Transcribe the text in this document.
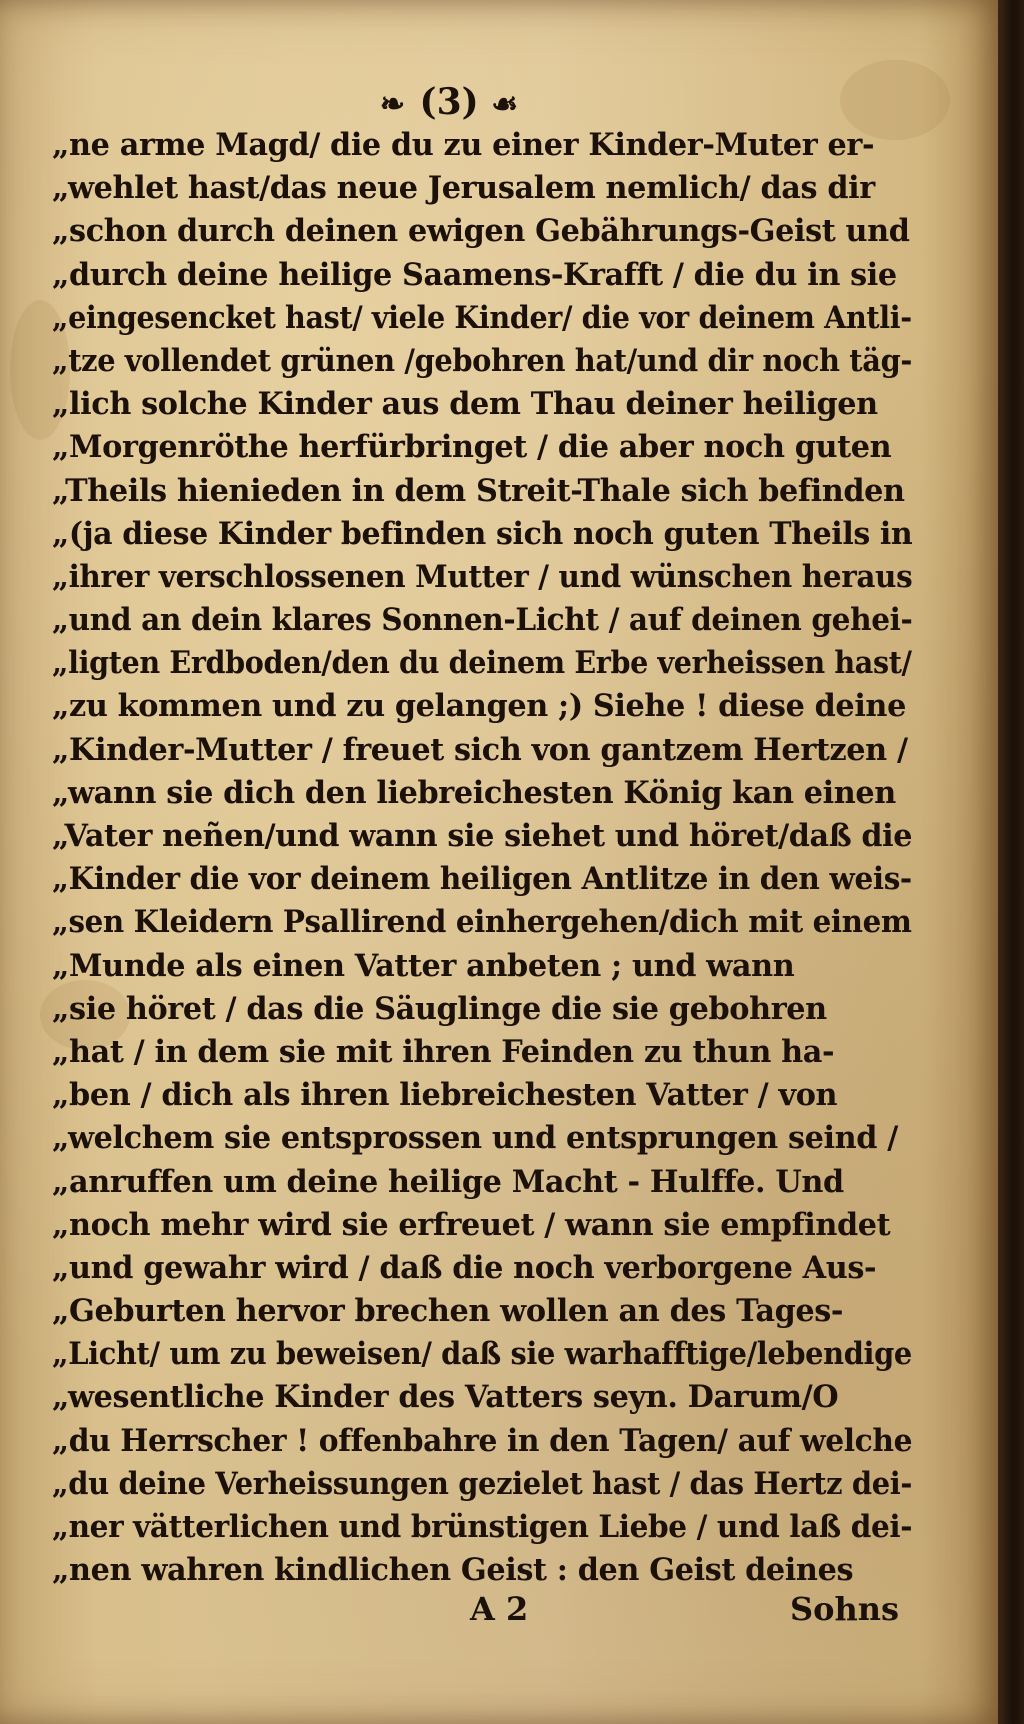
❧ (3) ☙
„ne arme Magd/ die du zu einer Kinder-Muter er-
„wehlet hast/das neue Jerusalem nemlich/ das dir
„schon durch deinen ewigen Gebährungs-Geist und
„durch deine heilige Saamens-Krafft / die du in sie
„eingesencket hast/ viele Kinder/ die vor deinem Antli-
„tze vollendet grünen /gebohren hat/und dir noch täg-
„lich solche Kinder aus dem Thau deiner heiligen
„Morgenröthe herfürbringet / die aber noch guten
„Theils hienieden in dem Streit-Thale sich befinden
„(ja diese Kinder befinden sich noch guten Theils in
„ihrer verschlossenen Mutter / und wünschen heraus
„und an dein klares Sonnen-Licht / auf deinen gehei-
„ligten Erdboden/den du deinem Erbe verheissen hast/
„zu kommen und zu gelangen ;) Siehe ! diese deine
„Kinder-Mutter / freuet sich von gantzem Hertzen /
„wann sie dich den liebreichesten König kan einen
„Vater neñen/und wann sie siehet und höret/daß die
„Kinder die vor deinem heiligen Antlitze in den weis-
„sen Kleidern Psallirend einhergehen/dich mit einem
„Munde als einen Vatter anbeten ; und wann
„sie höret / das die Säuglinge die sie gebohren
„hat / in dem sie mit ihren Feinden zu thun ha-
„ben / dich als ihren liebreichesten Vatter / von
„welchem sie entsprossen und entsprungen seind /
„anruffen um deine heilige Macht - Hulffe. Und
„noch mehr wird sie erfreuet / wann sie empfindet
„und gewahr wird / daß die noch verborgene Aus-
„Geburten hervor brechen wollen an des Tages-
„Licht/ um zu beweisen/ daß sie warhafftige/lebendige
„wesentliche Kinder des Vatters seyn. Darum/O
„du Herrscher ! offenbahre in den Tagen/ auf welche
„du deine Verheissungen gezielet hast / das Hertz dei-
„ner vätterlichen und brünstigen Liebe / und laß dei-
„nen wahren kindlichen Geist : den Geist deines
A 2	Sohns
